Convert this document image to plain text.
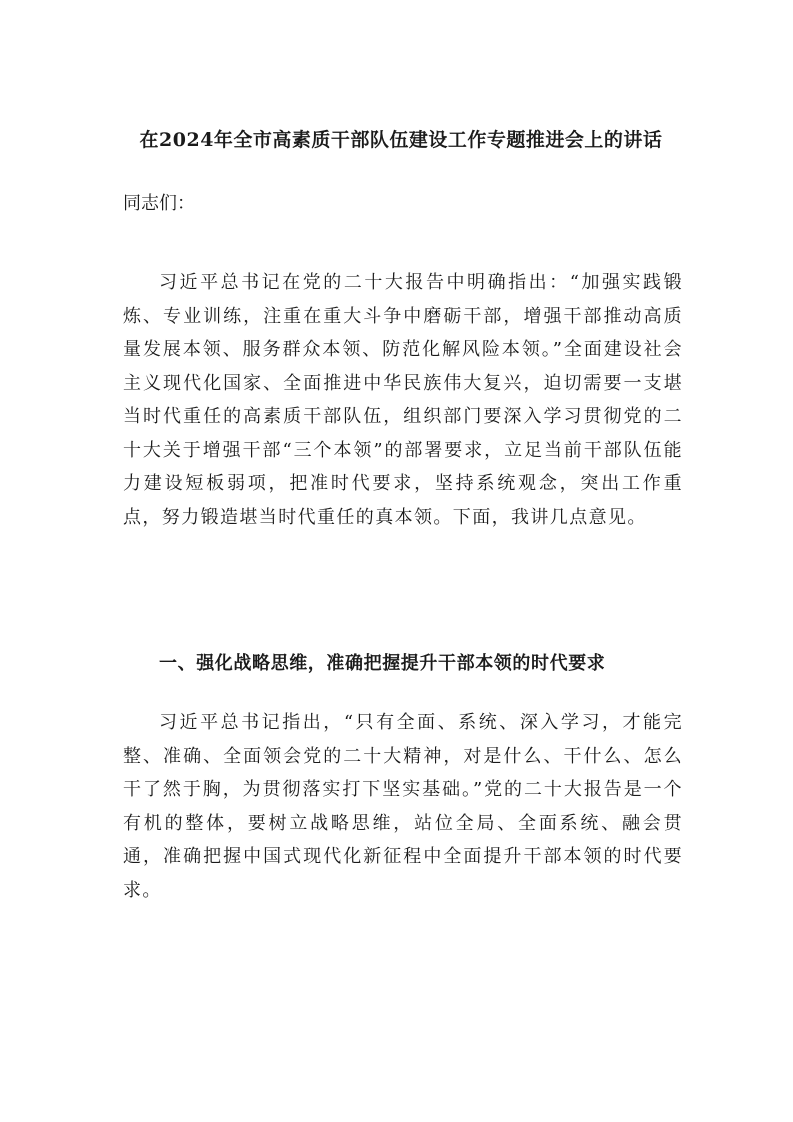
在2024年全市高素质干部队伍建设工作专题推进会上的讲话

同志们：

习近平总书记在党的二十大报告中明确指出：“加强实践锻炼、专业训练，注重在重大斗争中磨砺干部，增强干部推动高质量发展本领、服务群众本领、防范化解风险本领。”全面建设社会主义现代化国家、全面推进中华民族伟大复兴，迫切需要一支堪当时代重任的高素质干部队伍，组织部门要深入学习贯彻党的二十大关于增强干部“三个本领”的部署要求，立足当前干部队伍能力建设短板弱项，把准时代要求，坚持系统观念，突出工作重点，努力锻造堪当时代重任的真本领。下面，我讲几点意见。

一、强化战略思维，准确把握提升干部本领的时代要求

习近平总书记指出，“只有全面、系统、深入学习，才能完整、准确、全面领会党的二十大精神，对是什么、干什么、怎么干了然于胸，为贯彻落实打下坚实基础。”党的二十大报告是一个有机的整体，要树立战略思维，站位全局、全面系统、融会贯通，准确把握中国式现代化新征程中全面提升干部本领的时代要求。
